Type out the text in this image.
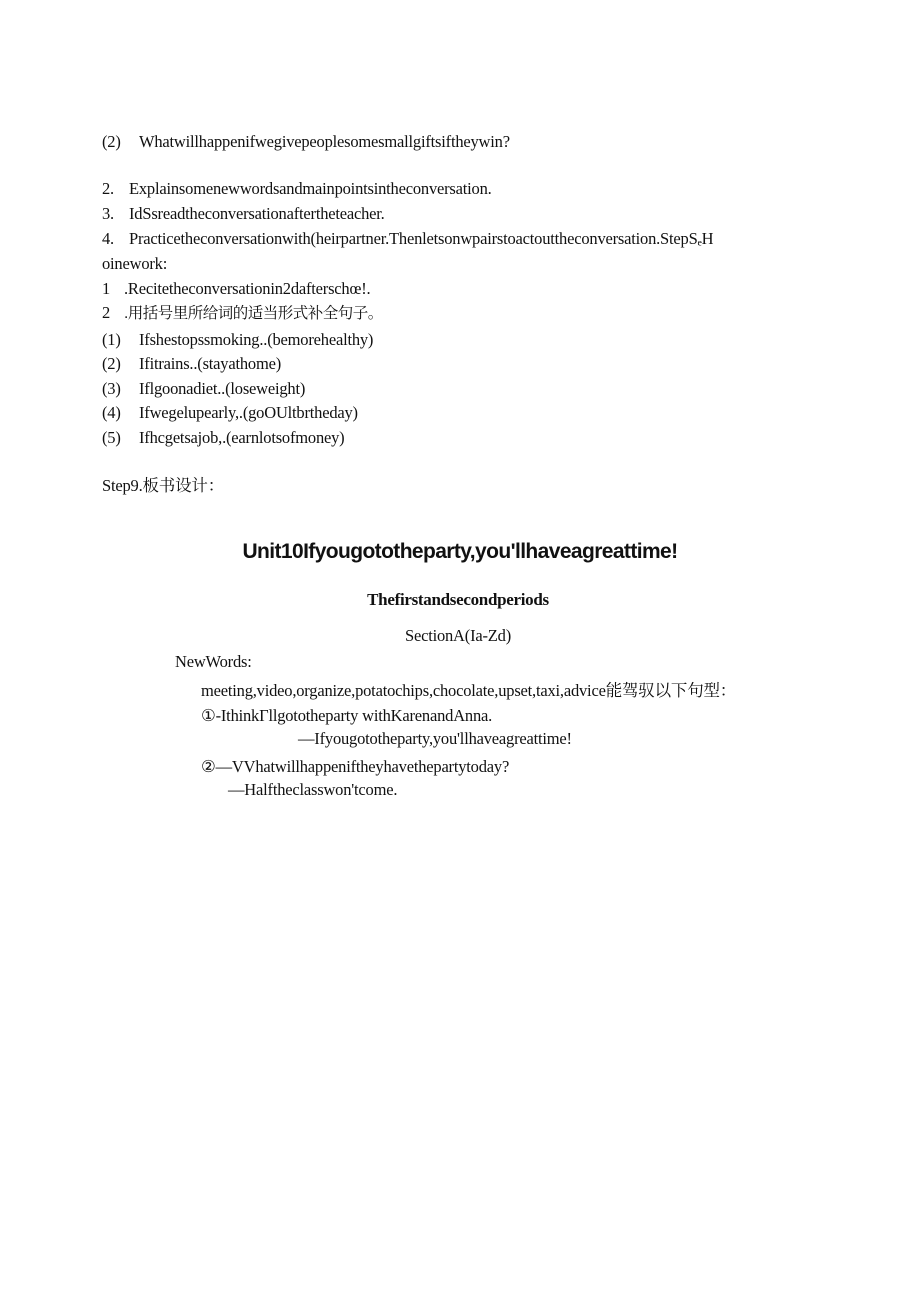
(2) Whatwillhappenifwegivepeoplesomesmallgiftsiftheywin?
2. Explainsomenewwordsandmainpointsintheconversation.
3. IdSsreadtheconversationaftertheteacher.
4. Practicetheconversationwith(heirpartner.Thenletsonwpairstoactouttheconversation.StepSₑH
oinework:
1 .Recitetheconversationin2dafterschœ!.
2 .用括号里所给词的适当形式补全句子。
(1) Ifshestopssmoking..(bemorehealthy)
(2) Ifitrains..(stayathome)
(3) Iflgoonadiet..(loseweight)
(4) Ifwegelupearly,.(goOUltbrtheday)
(5) Ifhcgetsajob,.(earnlotsofmoney)
Step9.板书设计：
Unit10Ifyougototheparty,you'llhaveagreattime!
Thefirstandsecondperiods
SectionA(Ia-Zd)
NewWords:
meeting,video,organize,potatochips,chocolate,upset,taxi,advice能驾驭以下句型：
①-IthinkΓllgototheparty withKarenandAnna.
—Ifyougototheparty,you'llhaveagreattime!
②—VVhatwillhappeniftheyhavethepartytoday?
—Halftheclasswon'tcome.
